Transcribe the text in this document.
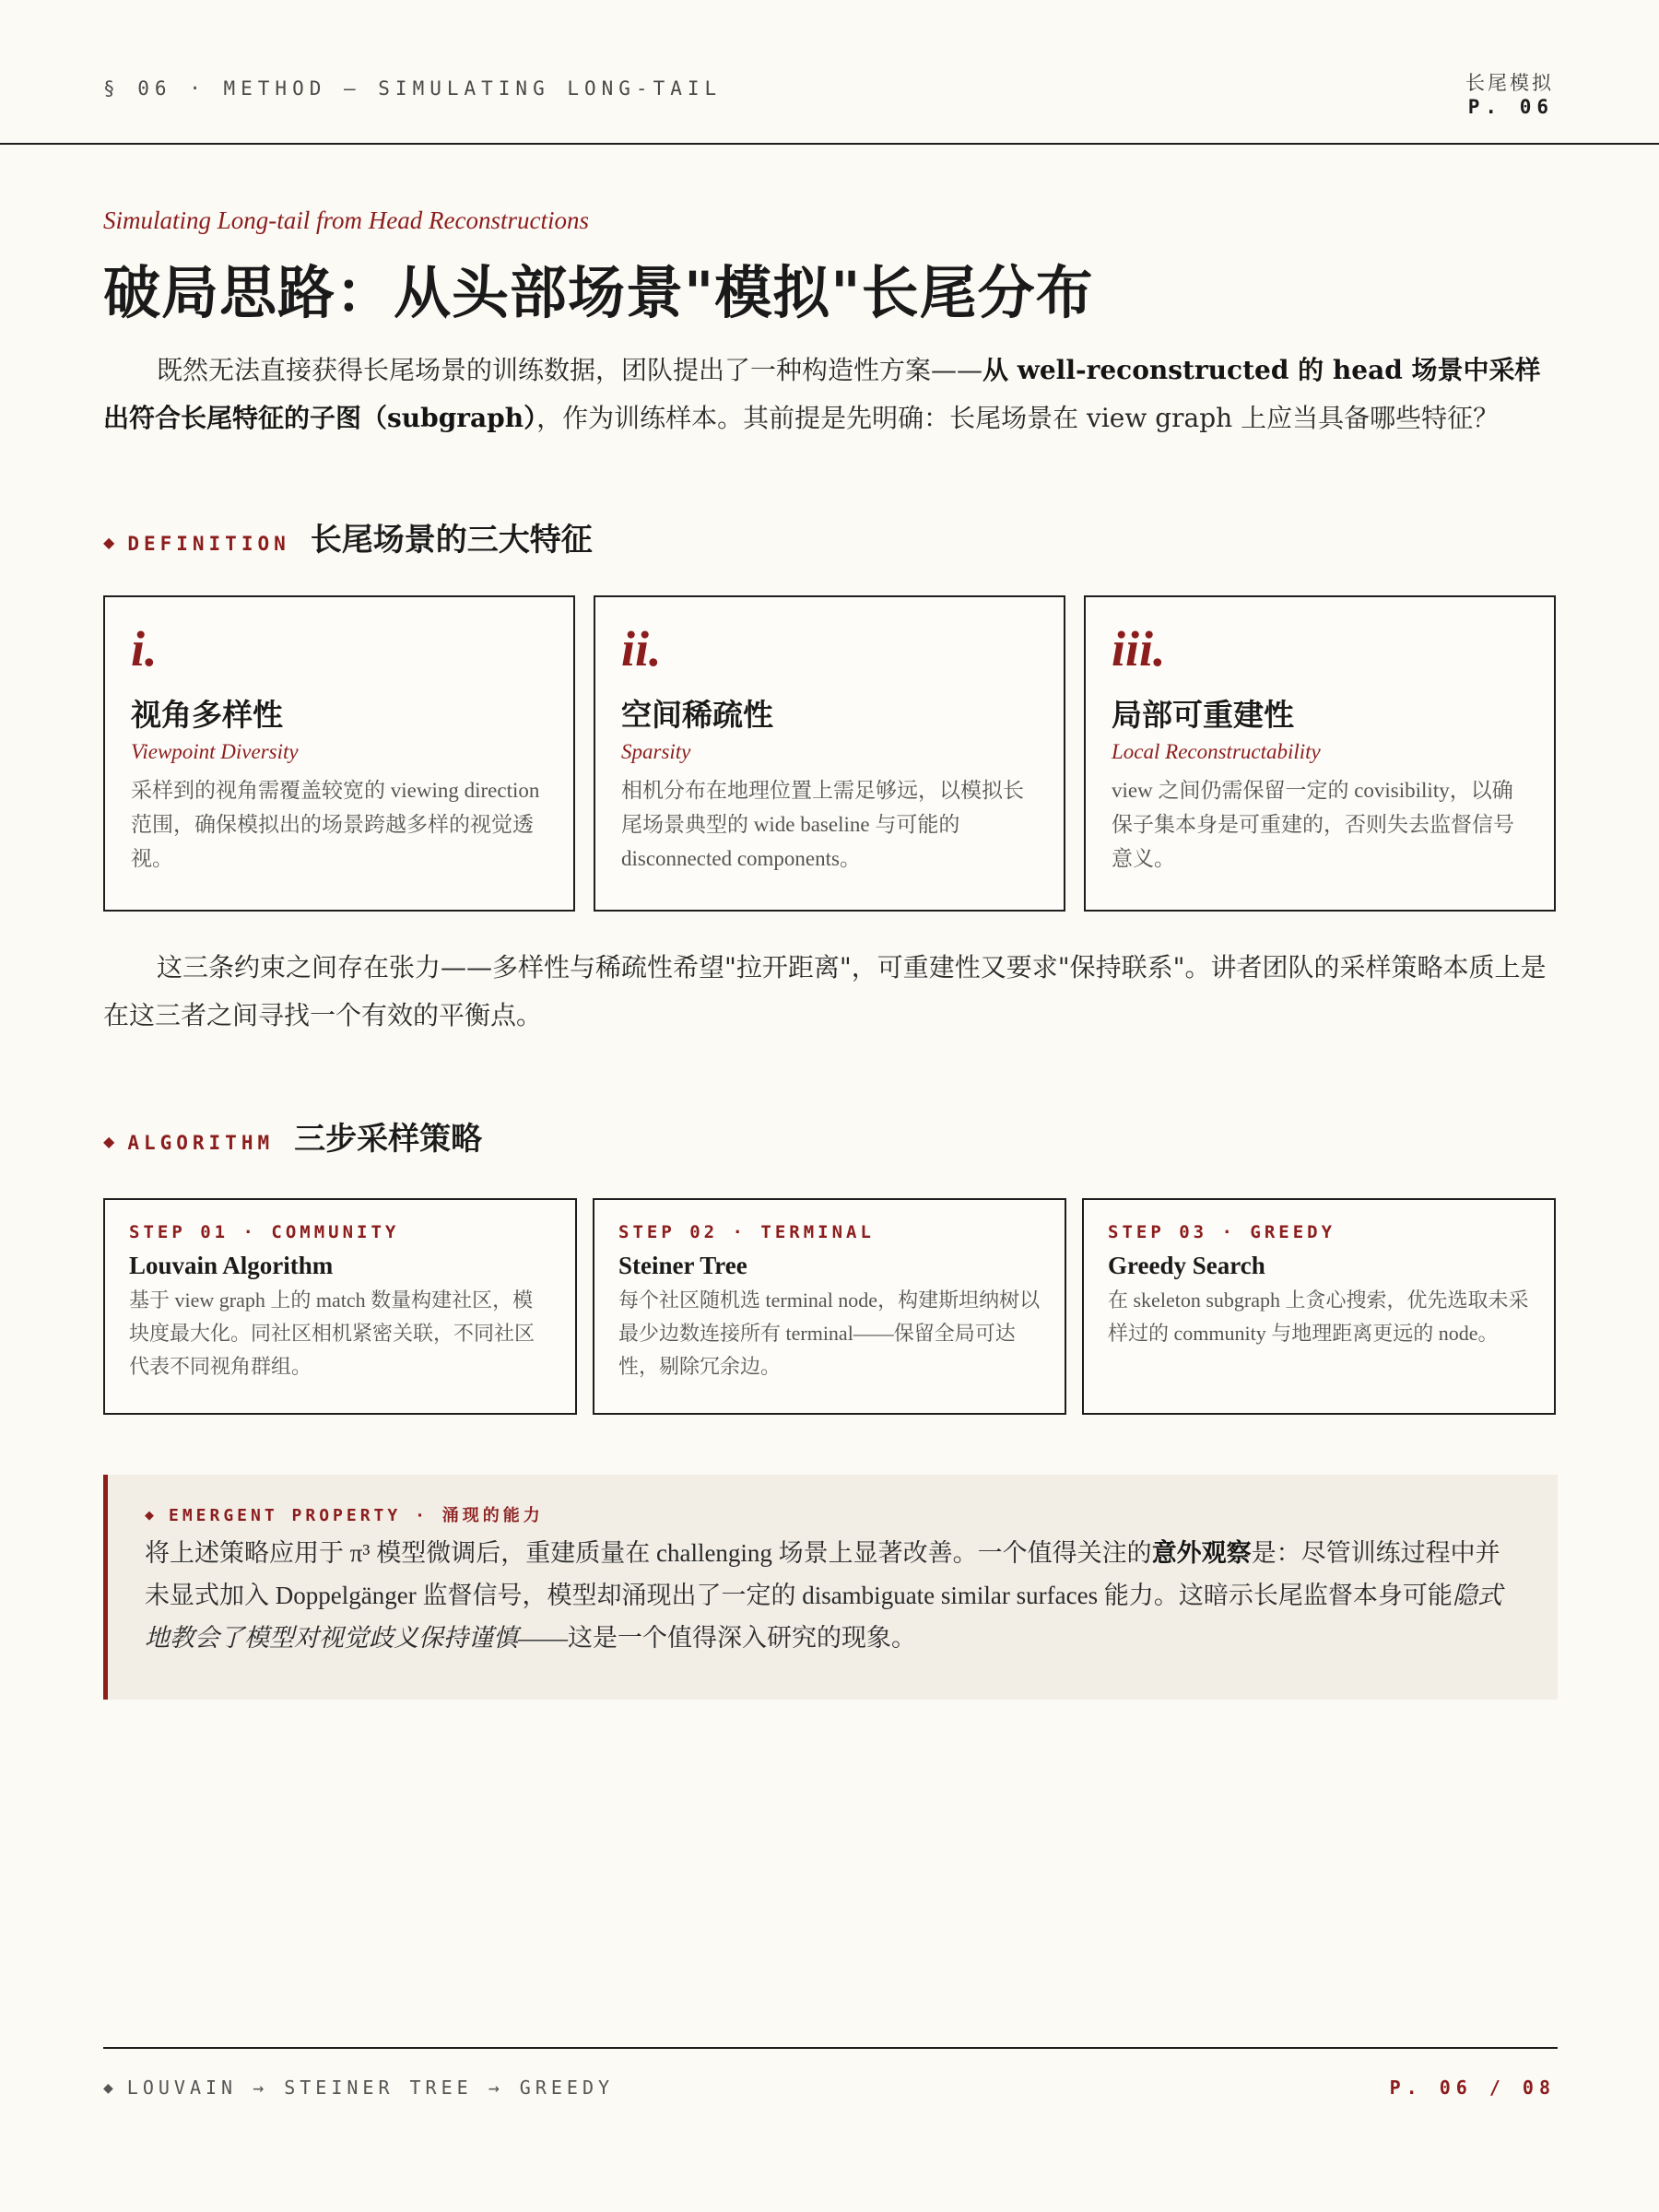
§ 06 · METHOD — SIMULATING LONG-TAIL	长尾模拟
P. 06
Simulating Long-tail from Head Reconstructions
破局思路：从头部场景"模拟"长尾分布
既然无法直接获得长尾场景的训练数据，团队提出了一种构造性方案——从 well-reconstructed 的 head 场景中采样出符合长尾特征的子图（subgraph），作为训练样本。其前提是先明确：长尾场景在 view graph 上应当具备哪些特征？
◆ DEFINITION 长尾场景的三大特征
i.
视角多样性
Viewpoint Diversity
采样到的视角需覆盖较宽的 viewing direction 范围，确保模拟出的场景跨越多样的视觉透视。
ii.
空间稀疏性
Sparsity
相机分布在地理位置上需足够远，以模拟长尾场景典型的 wide baseline 与可能的 disconnected components。
iii.
局部可重建性
Local Reconstructability
view 之间仍需保留一定的 covisibility，以确保子集本身是可重建的，否则失去监督信号意义。
这三条约束之间存在张力——多样性与稀疏性希望"拉开距离"，可重建性又要求"保持联系"。讲者团队的采样策略本质上是在这三者之间寻找一个有效的平衡点。
◆ ALGORITHM 三步采样策略
STEP 01 · COMMUNITY
Louvain Algorithm
基于 view graph 上的 match 数量构建社区，模块度最大化。同社区相机紧密关联，不同社区代表不同视角群组。
STEP 02 · TERMINAL
Steiner Tree
每个社区随机选 terminal node，构建斯坦纳树以最少边数连接所有 terminal——保留全局可达性，剔除冗余边。
STEP 03 · GREEDY
Greedy Search
在 skeleton subgraph 上贪心搜索，优先选取未采样过的 community 与地理距离更远的 node。
◆ EMERGENT PROPERTY · 涌现的能力
将上述策略应用于 π³ 模型微调后，重建质量在 challenging 场景上显著改善。一个值得关注的意外观察是：尽管训练过程中并未显式加入 Doppelgänger 监督信号，模型却涌现出了一定的 disambiguate similar surfaces 能力。这暗示长尾监督本身可能隐式地教会了模型对视觉歧义保持谨慎——这是一个值得深入研究的现象。
◆ LOUVAIN → STEINER TREE → GREEDY	P. 06 / 08
